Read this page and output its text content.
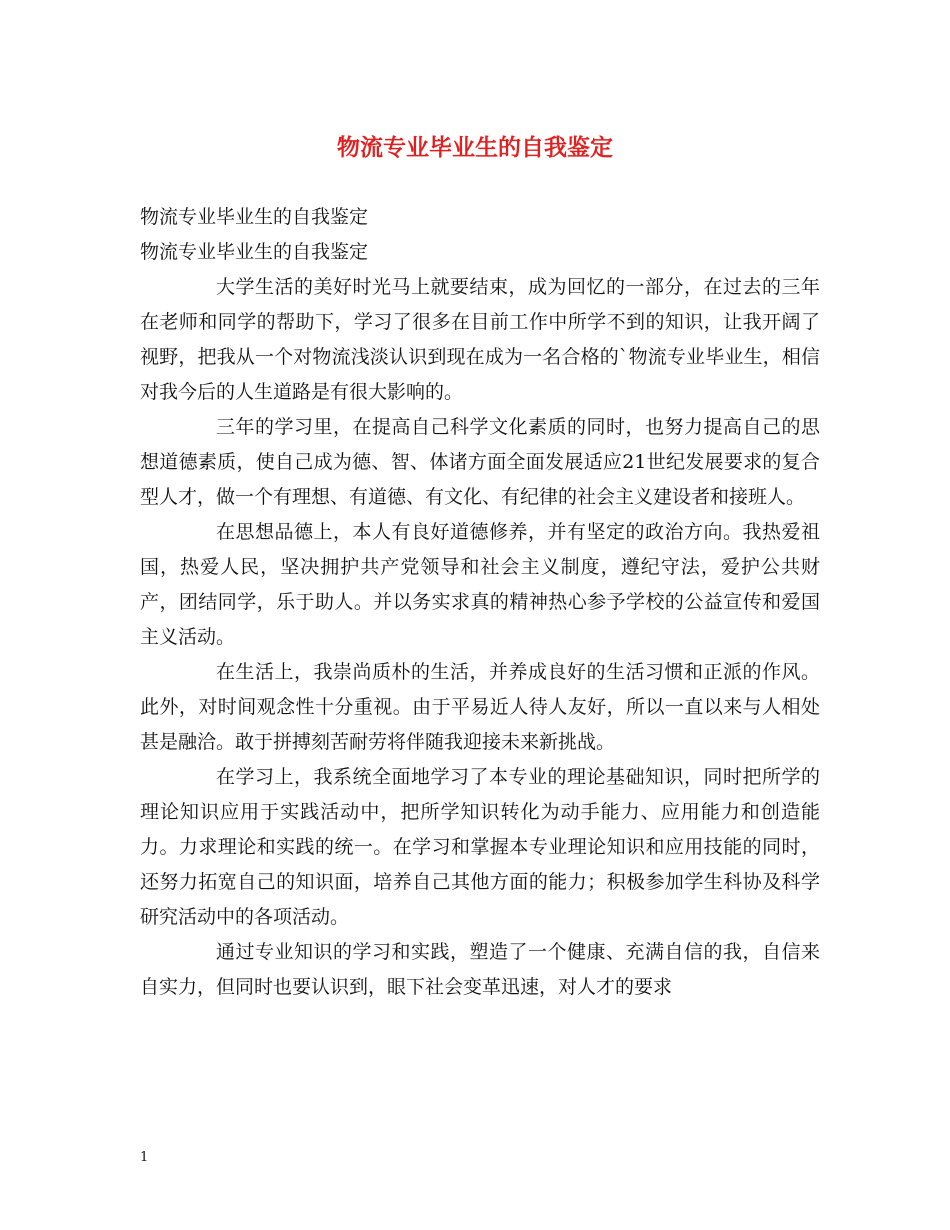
物流专业毕业生的自我鉴定

物流专业毕业生的自我鉴定

物流专业毕业生的自我鉴定

大学生活的美好时光马上就要结束，成为回忆的一部分，在过去的三年在老师和同学的帮助下，学习了很多在目前工作中所学不到的知识，让我开阔了视野，把我从一个对物流浅淡认识到现在成为一名合格的`物流专业毕业生，相信对我今后的人生道路是有很大影响的。

三年的学习里，在提高自己科学文化素质的同时，也努力提高自己的思想道德素质，使自己成为德、智、体诸方面全面发展适应21世纪发展要求的复合型人才，做一个有理想、有道德、有文化、有纪律的社会主义建设者和接班人。

在思想品德上，本人有良好道德修养，并有坚定的政治方向。我热爱祖国，热爱人民，坚决拥护共产党领导和社会主义制度，遵纪守法，爱护公共财产，团结同学，乐于助人。并以务实求真的精神热心参予学校的公益宣传和爱国主义活动。

在生活上，我崇尚质朴的生活，并养成良好的生活习惯和正派的作风。此外，对时间观念性十分重视。由于平易近人待人友好，所以一直以来与人相处甚是融洽。敢于拼搏刻苦耐劳将伴随我迎接未来新挑战。

在学习上，我系统全面地学习了本专业的理论基础知识，同时把所学的理论知识应用于实践活动中，把所学知识转化为动手能力、应用能力和创造能力。力求理论和实践的统一。在学习和掌握本专业理论知识和应用技能的同时，还努力拓宽自己的知识面，培养自己其他方面的能力；积极参加学生科协及科学研究活动中的各项活动。

通过专业知识的学习和实践，塑造了一个健康、充满自信的我，自信来自实力，但同时也要认识到，眼下社会变革迅速，对人才的要求

1
